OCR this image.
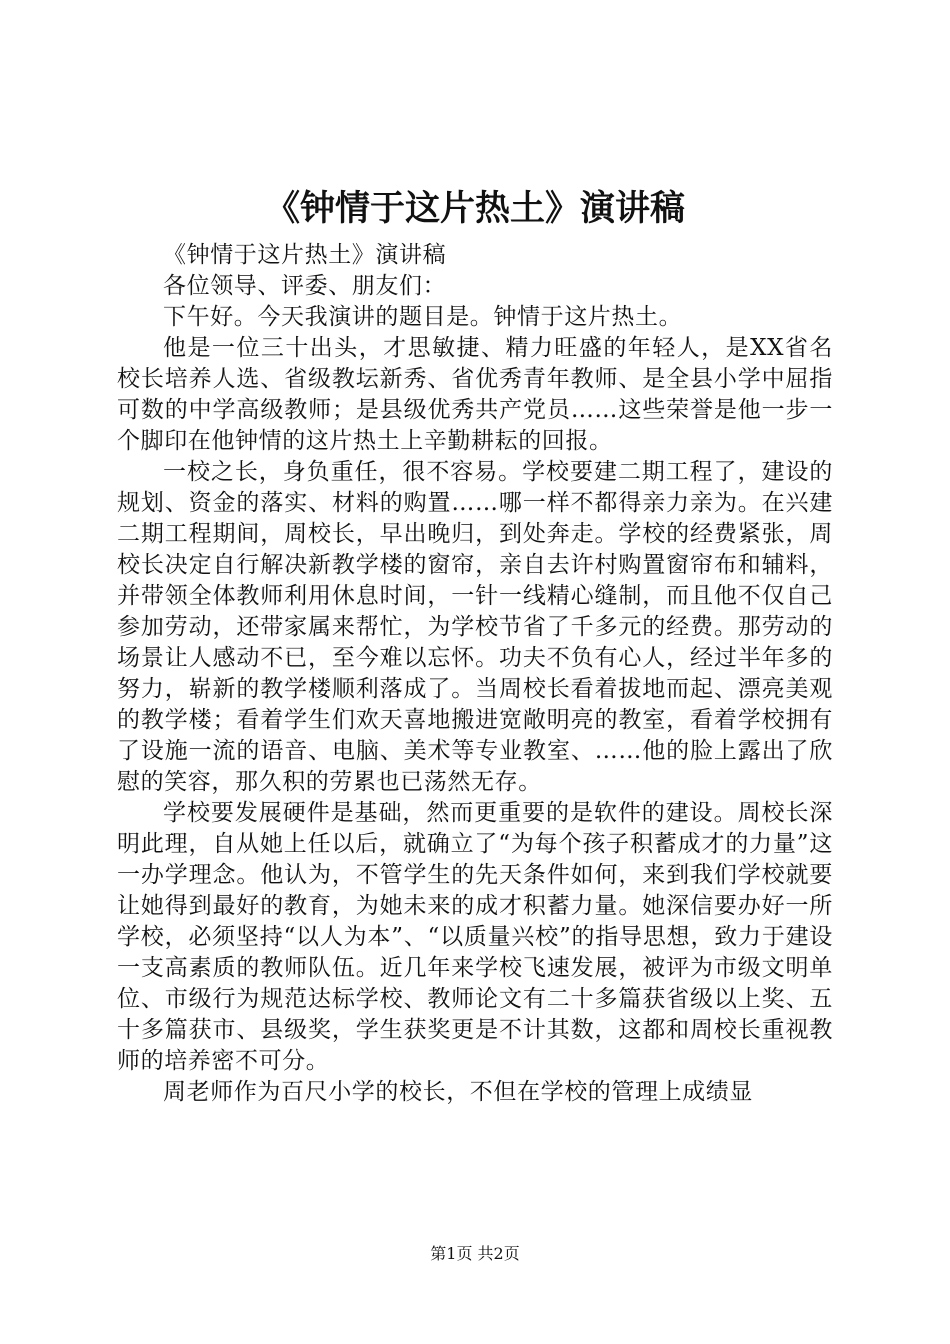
《钟情于这片热土》演讲稿

《钟情于这片热土》演讲稿

各位领导、评委、朋友们：

下午好。今天我演讲的题目是。钟情于这片热土。

他是一位三十出头，才思敏捷、精力旺盛的年轻人，是XX省名校长培养人选、省级教坛新秀、省优秀青年教师、是全县小学中屈指可数的中学高级教师；是县级优秀共产党员……这些荣誉是他一步一个脚印在他钟情的这片热土上辛勤耕耘的回报。

一校之长，身负重任，很不容易。学校要建二期工程了，建设的规划、资金的落实、材料的购置……哪一样不都得亲力亲为。在兴建二期工程期间，周校长，早出晚归，到处奔走。学校的经费紧张，周校长决定自行解决新教学楼的窗帘，亲自去许村购置窗帘布和辅料，并带领全体教师利用休息时间，一针一线精心缝制，而且他不仅自己参加劳动，还带家属来帮忙，为学校节省了千多元的经费。那劳动的场景让人感动不已，至今难以忘怀。功夫不负有心人，经过半年多的努力，崭新的教学楼顺利落成了。当周校长看着拔地而起、漂亮美观的教学楼；看着学生们欢天喜地搬进宽敞明亮的教室，看着学校拥有了设施一流的语音、电脑、美术等专业教室、……他的脸上露出了欣慰的笑容，那久积的劳累也已荡然无存。

学校要发展硬件是基础，然而更重要的是软件的建设。周校长深明此理，自从她上任以后，就确立了“为每个孩子积蓄成才的力量”这一办学理念。他认为，不管学生的先天条件如何，来到我们学校就要让她得到最好的教育，为她未来的成才积蓄力量。她深信要办好一所学校，必须坚持“以人为本”、“以质量兴校”的指导思想，致力于建设一支高素质的教师队伍。近几年来学校飞速发展，被评为市级文明单位、市级行为规范达标学校、教师论文有二十多篇获省级以上奖、五十多篇获市、县级奖，学生获奖更是不计其数，这都和周校长重视教师的培养密不可分。

周老师作为百尺小学的校长，不但在学校的管理上成绩显

第1页 共2页
